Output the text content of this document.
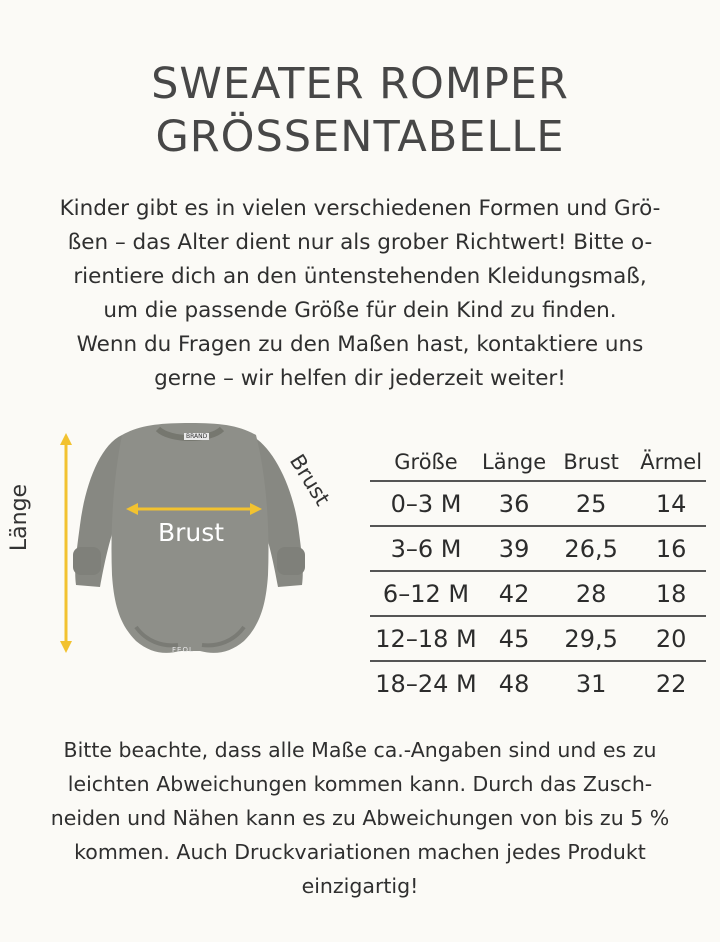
SWEATER ROMPER
GRÖSSENTABELLE
Kinder gibt es in vielen verschiedenen Formen und Grö-
ßen – das Alter dient nur als grober Richtwert! Bitte o-
rientiere dich an den üntenstehenden Kleidungsmaß,
um die passende Größe für dein Kind zu finden.
Wenn du Fragen zu den Maßen hast, kontaktiere uns
gerne – wir helfen dir jederzeit weiter!
Länge
Brust
Brust
BRAND
FEOL
Größe	Länge	Brust	Ärmel
0–3 M	36	25	14
3–6 M	39	26,5	16
6–12 M	42	28	18
12–18 M	45	29,5	20
18–24 M	48	31	22
Bitte beachte, dass alle Maße ca.-Angaben sind und es zu
leichten Abweichungen kommen kann. Durch das Zusch-
neiden und Nähen kann es zu Abweichungen von bis zu 5 %
kommen. Auch Druckvariationen machen jedes Produkt
einzigartig!
